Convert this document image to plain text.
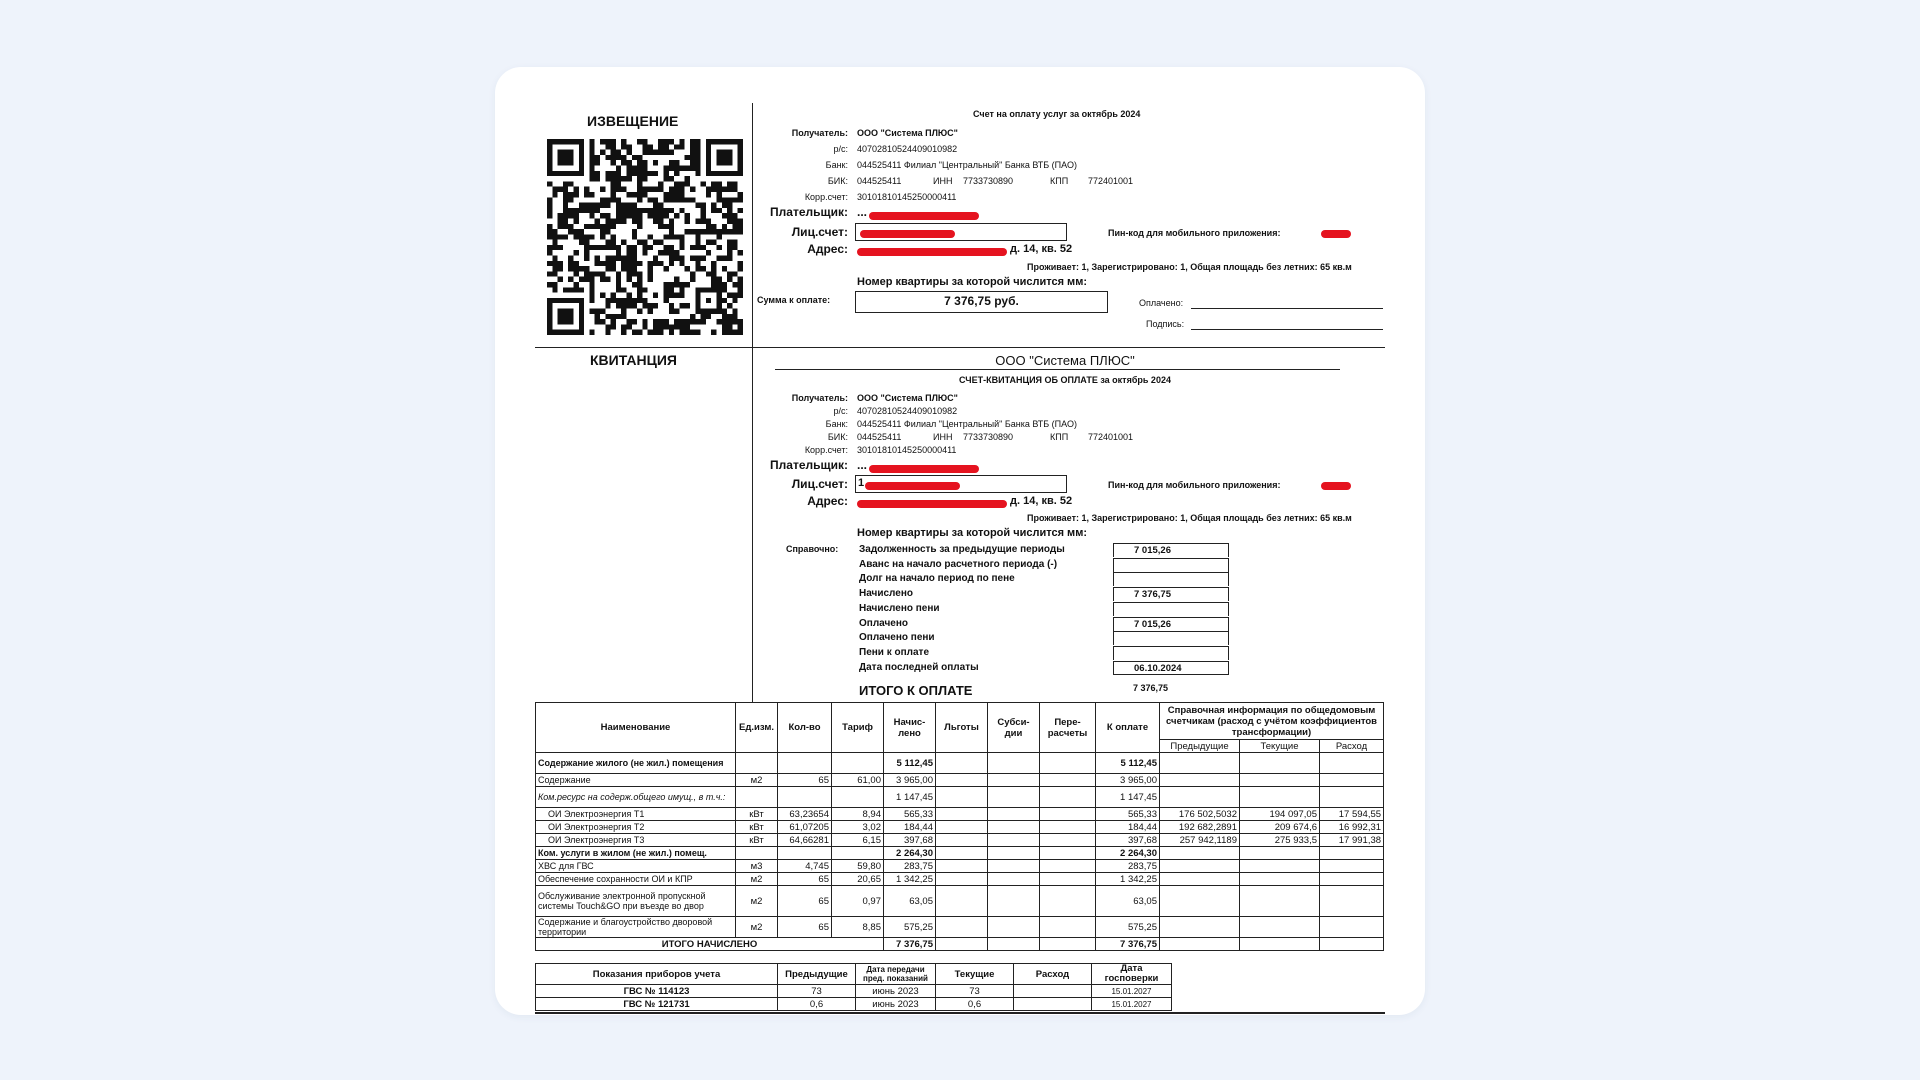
ИЗВЕЩЕНИЕ	Счет на оплату услуг за октябрь 2024
Получатель: ООО "Система ПЛЮС"
р/с: 40702810524409010982
Банк: 044525411 Филиал "Центральный" Банка ВТБ (ПАО)
БИК: 044525411	ИНН 7733730890	КПП 772401001
Корр.счет: 30101810145250000411
Плательщик: ...
Лиц.счет:	Пин-код для мобильного приложения:
Адрес:	д. 14, кв. 52
Проживает: 1, Зарегистрировано: 1, Общая площадь без летних: 65 кв.м
Номер квартиры за которой числится мм:
Сумма к оплате:	7 376,75 руб.	Оплачено:
Подпись:
КВИТАНЦИЯ	ООО "Система ПЛЮС"
СЧЕТ-КВИТАНЦИЯ ОБ ОПЛАТЕ за октябрь 2024
Получатель: ООО "Система ПЛЮС"
р/с: 40702810524409010982
Банк: 044525411 Филиал "Центральный" Банка ВТБ (ПАО)
БИК: 044525411	ИНН 7733730890	КПП 772401001
Корр.счет: 30101810145250000411
Плательщик: ...
Лиц.счет: 1	Пин-код для мобильного приложения:
Адрес:	д. 14, кв. 52
Проживает: 1, Зарегистрировано: 1, Общая площадь без летних: 65 кв.м
Номер квартиры за которой числится мм:
Справочно: Задолженность за предыдущие периоды	7 015,26
Аванс на начало расчетного периода (-)
Долг на начало период по пене
Начислено	7 376,75
Начислено пени
Оплачено	7 015,26
Оплачено пени
Пени к оплате
Дата последней оплаты	06.10.2024
ИТОГО К ОПЛАТЕ	7 376,75
Наименование	Ед.изм.	Кол-во	Тариф	Начис-лено	Льготы	Субси-дии	Пере-расчеты	К оплате	Справочная информация по общедомовым счетчикам (расход с учётом коэффициентов трансформации)		
									Предыдущие	Текущие	Расход
Содержание жилого (не жил.) помещения				5 112,45				5 112,45			
Содержание	м2	65	61,00	3 965,00				3 965,00			
Ком.ресурс на содерж.общего имущ., в т.ч.:				1 147,45				1 147,45			
ОИ Электроэнергия Т1	кВт	63,23654	8,94	565,33				565,33	176 502,5032	194 097,05	17 594,55
ОИ Электроэнергия Т2	кВт	61,07205	3,02	184,44				184,44	192 682,2891	209 674,6	16 992,31
ОИ Электроэнергия Т3	кВт	64,66281	6,15	397,68				397,68	257 942,1189	275 933,5	17 991,38
Ком. услуги в жилом (не жил.) помещ.				2 264,30				2 264,30			
ХВС для ГВС	м3	4,745	59,80	283,75				283,75			
Обеспечение сохранности ОИ и КПР	м2	65	20,65	1 342,25				1 342,25			
Обслуживание электронной пропускной системы Touch&GO при въезде во двор	м2	65	0,97	63,05				63,05			
Содержание и благоустройство дворовой территории	м2	65	8,85	575,25				575,25			
ИТОГО НАЧИСЛЕНО				7 376,75				7 376,75			
Показания приборов учета	Предыдущие	Дата передачи пред. показаний	Текущие	Расход	Дата госповерки
ГВС № 114123	73	июнь 2023	73		15.01.2027
ГВС № 121731	0,6	июнь 2023	0,6		15.01.2027
